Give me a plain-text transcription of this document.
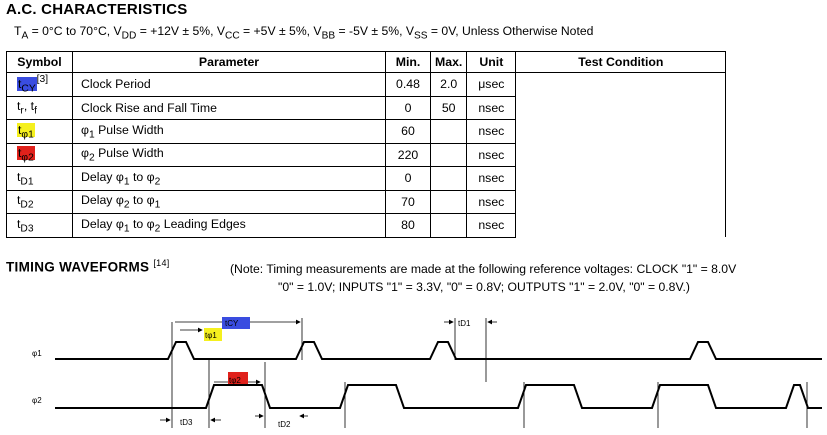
A.C. CHARACTERISTICS
$T_A = 0^\circ C$ to 70°C, $V_{DD} = +12V \pm 5\%$, $V_{CC} = +5V \pm 5\%$, $V_{BB} = -5V \pm 5\%$, $V_{SS} = 0V$, Unless Otherwise Noted
Symbol	Parameter	Min.	Max.	Unit	Test Condition
$t_{CY}[3]$	Clock Period	0.48	2.0	μsec	
$t_r$, $t_f$	Clock Rise and Fall Time	0	50	nsec	
$t_{\varphi 1}$	$\varphi_1$ Pulse Width	60		nsec	
$t_{\varphi 2}$	$\varphi_2$ Pulse Width	220		nsec	
$t_{D1}$	Delay $\varphi_1$ to $\varphi_2$	0		nsec	
$t_{D2}$	Delay $\varphi_2$ to $\varphi_1$	70		nsec	
$t_{D3}$	Delay $\varphi_1$ to $\varphi_2$ Leading Edges	80		nsec	
TIMING WAVEFORMS [14]	(Note: Timing measurements are made at the following reference voltages: CLOCK "1" = 8.0V
"0" = 1.0V; INPUTS "1" = 3.3V, "0" = 0.8V; OUTPUTS "1" = 2.0V, "0" = 0.8V.)
tCY
tφ1
tφ2
tD1
tD3	tD2
φ1
φ2
